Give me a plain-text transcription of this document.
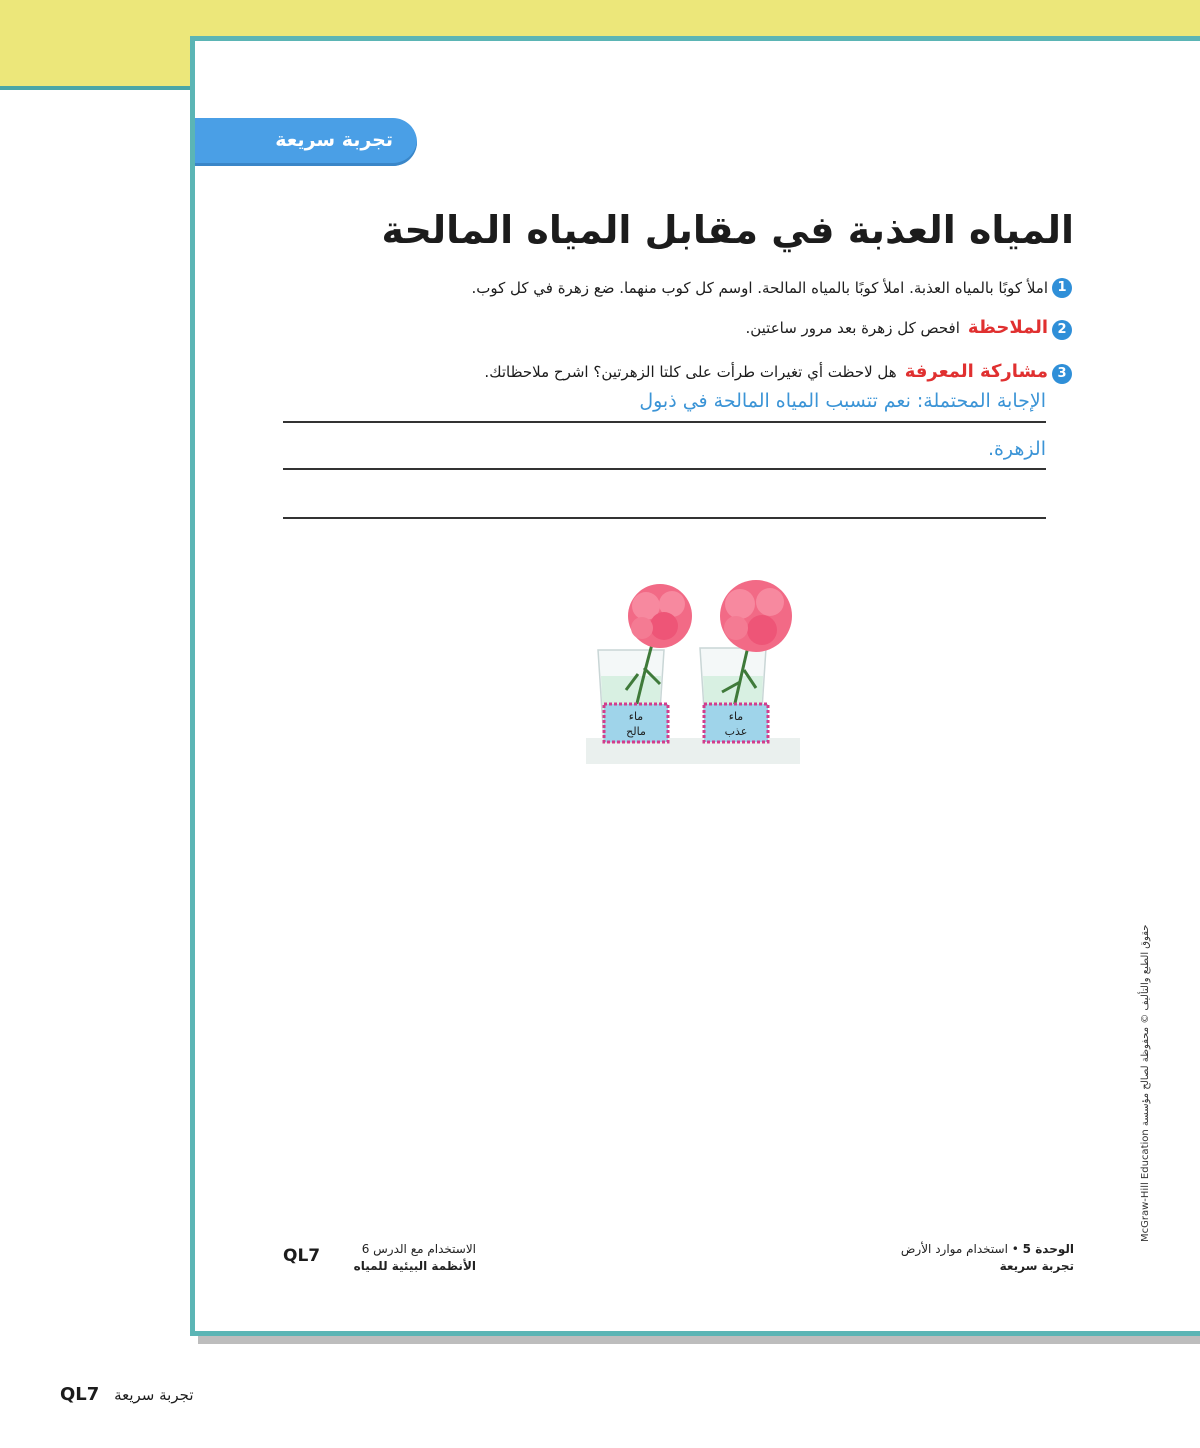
تجربة سريعة
المياه العذبة في مقابل المياه المالحة
1
املأ كوبًا بالمياه العذبة. املأ كوبًا بالمياه المالحة. اوسم كل كوب منهما. ضع زهرة في كل كوب.
2
الملاحظةافحص كل زهرة بعد مرور ساعتين.
3
مشاركة المعرفةهل لاحظت أي تغيرات طرأت على كلتا الزهرتين؟ اشرح ملاحظاتك.
الإجابة المحتملة: نعم تتسبب المياه المالحة في ذبول
الزهرة.
ماء
مالح
ماء
عذب
حقوق الطبع والتأليف © محفوظة لصالح مؤسسة McGraw-Hill Education
الوحدة 5 • استخدام موارد الأرض
تجربة سريعة
الاستخدام مع الدرس 6
الأنظمة البيئية للمياه
QL7
QL7 تجربة سريعة
